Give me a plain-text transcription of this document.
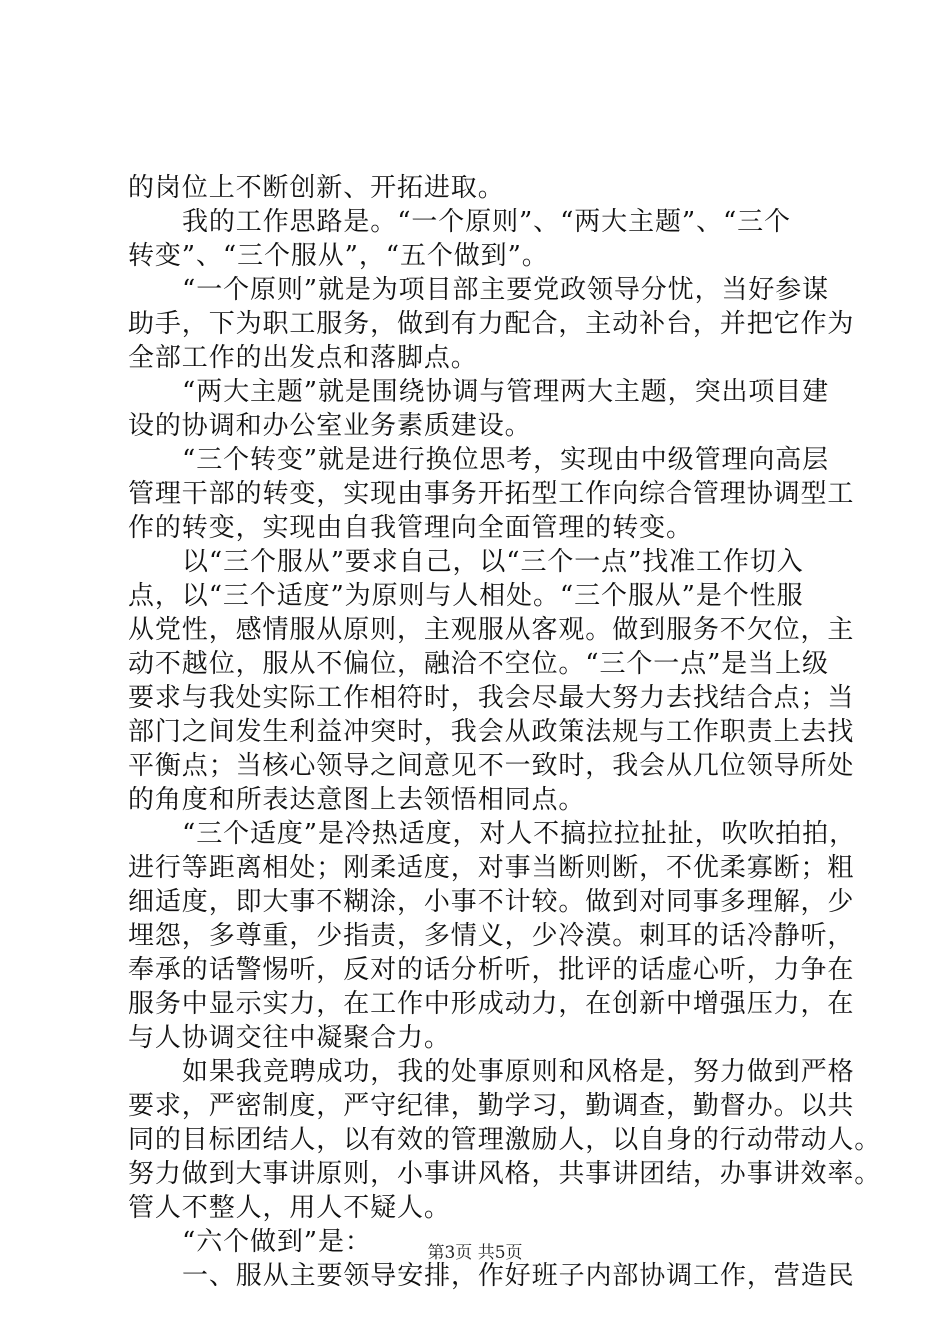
的岗位上不断创新、开拓进取。
我的工作思路是。“一个原则”、“两大主题”、“三个
转变”、“三个服从”，“五个做到”。
“一个原则”就是为项目部主要党政领导分忧，当好参谋
助手，下为职工服务，做到有力配合，主动补台，并把它作为
全部工作的出发点和落脚点。
“两大主题”就是围绕协调与管理两大主题，突出项目建
设的协调和办公室业务素质建设。
“三个转变”就是进行换位思考，实现由中级管理向高层
管理干部的转变，实现由事务开拓型工作向综合管理协调型工
作的转变，实现由自我管理向全面管理的转变。
以“三个服从”要求自己，以“三个一点”找准工作切入
点，以“三个适度”为原则与人相处。“三个服从”是个性服
从党性，感情服从原则，主观服从客观。做到服务不欠位，主
动不越位，服从不偏位，融洽不空位。“三个一点”是当上级
要求与我处实际工作相符时，我会尽最大努力去找结合点；当
部门之间发生利益冲突时，我会从政策法规与工作职责上去找
平衡点；当核心领导之间意见不一致时，我会从几位领导所处
的角度和所表达意图上去领悟相同点。
“三个适度”是冷热适度，对人不搞拉拉扯扯，吹吹拍拍，
进行等距离相处；刚柔适度，对事当断则断，不优柔寡断；粗
细适度，即大事不糊涂，小事不计较。做到对同事多理解，少
埋怨，多尊重，少指责，多情义，少冷漠。刺耳的话冷静听，
奉承的话警惕听，反对的话分析听，批评的话虚心听，力争在
服务中显示实力，在工作中形成动力，在创新中增强压力，在
与人协调交往中凝聚合力。
如果我竞聘成功，我的处事原则和风格是，努力做到严格
要求，严密制度，严守纪律，勤学习，勤调查，勤督办。以共
同的目标团结人，以有效的管理激励人，以自身的行动带动人。
努力做到大事讲原则，小事讲风格，共事讲团结，办事讲效率。
管人不整人，用人不疑人。
“六个做到”是：
一、服从主要领导安排，作好班子内部协调工作，营造民
第3页 共5页
